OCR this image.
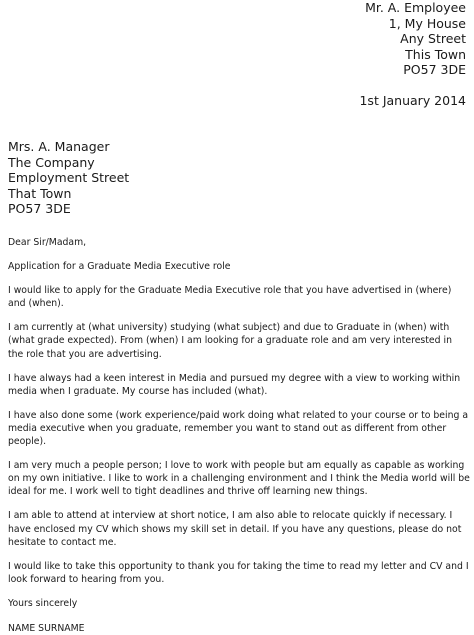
Mr. A. Employee
1, My House
Any Street
This Town
PO57 3DE
1st January 2014
Mrs. A. Manager
The Company
Employment Street
That Town
PO57 3DE

Dear Sir/Madam,

Application for a Graduate Media Executive role

I would like to apply for the Graduate Media Executive role that you have advertised in (where) and (when).

I am currently at (what university) studying (what subject) and due to Graduate in (when) with (what grade expected). From (when) I am looking for a graduate role and am very interested in the role that you are advertising.

I have always had a keen interest in Media and pursued my degree with a view to working within media when I graduate. My course has included (what).

I have also done some (work experience/paid work doing what related to your course or to being a media executive when you graduate, remember you want to stand out as different from other people).

I am very much a people person; I love to work with people but am equally as capable as working on my own initiative. I like to work in a challenging environment and I think the Media world will be ideal for me. I work well to tight deadlines and thrive off learning new things.

I am able to attend at interview at short notice, I am also able to relocate quickly if necessary. I have enclosed my CV which shows my skill set in detail. If you have any questions, please do not hesitate to contact me.

I would like to take this opportunity to thank you for taking the time to read my letter and CV and I look forward to hearing from you.

Yours sincerely

NAME SURNAME
